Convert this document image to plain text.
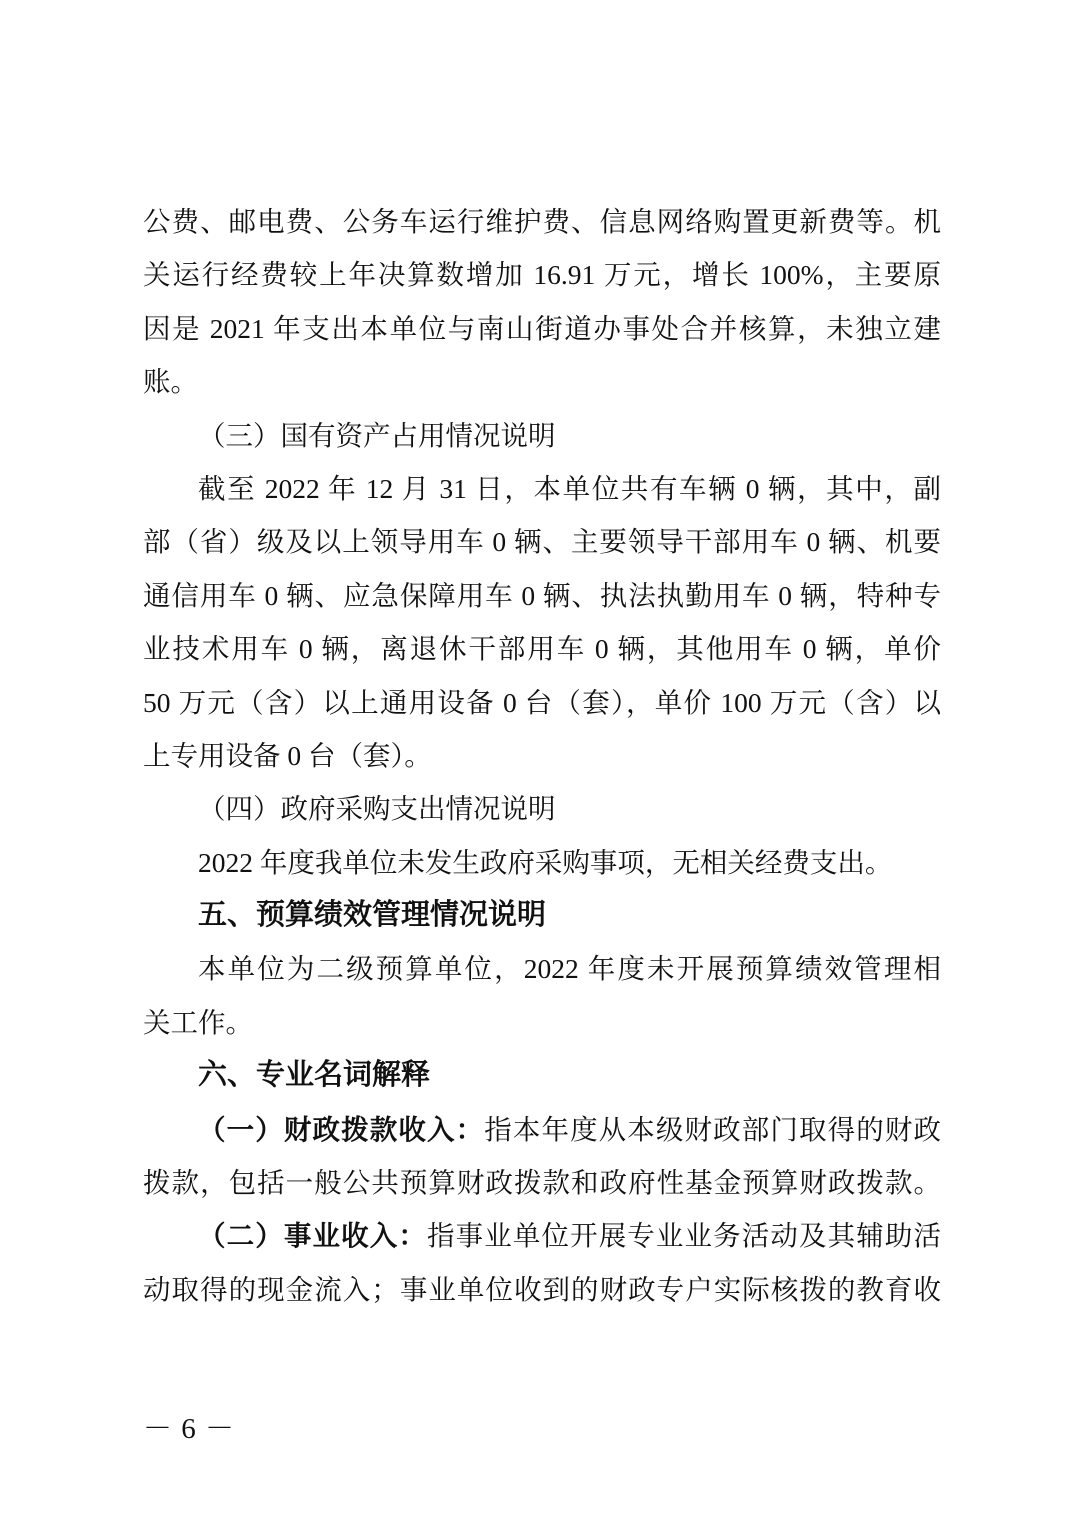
公费、邮电费、公务车运行维护费、信息网络购置更新费等。机
关运行经费较上年决算数增加 16.91 万元，增长 100%，主要原
因是 2021 年支出本单位与南山街道办事处合并核算，未独立建
账。
（三）国有资产占用情况说明
截至 2022 年 12 月 31 日，本单位共有车辆 0 辆，其中，副
部（省）级及以上领导用车 0 辆、主要领导干部用车 0 辆、机要
通信用车 0 辆、应急保障用车 0 辆、执法执勤用车 0 辆，特种专
业技术用车 0 辆，离退休干部用车 0 辆，其他用车 0 辆，单价
50 万元（含）以上通用设备 0 台（套），单价 100 万元（含）以
上专用设备 0 台（套）。
（四）政府采购支出情况说明
2022 年度我单位未发生政府采购事项，无相关经费支出。
五、预算绩效管理情况说明
本单位为二级预算单位，2022 年度未开展预算绩效管理相
关工作。
六、专业名词解释
（一）财政拨款收入：指本年度从本级财政部门取得的财政
拨款，包括一般公共预算财政拨款和政府性基金预算财政拨款。
（二）事业收入：指事业单位开展专业业务活动及其辅助活
动取得的现金流入；事业单位收到的财政专户实际核拨的教育收
－ 6 －
